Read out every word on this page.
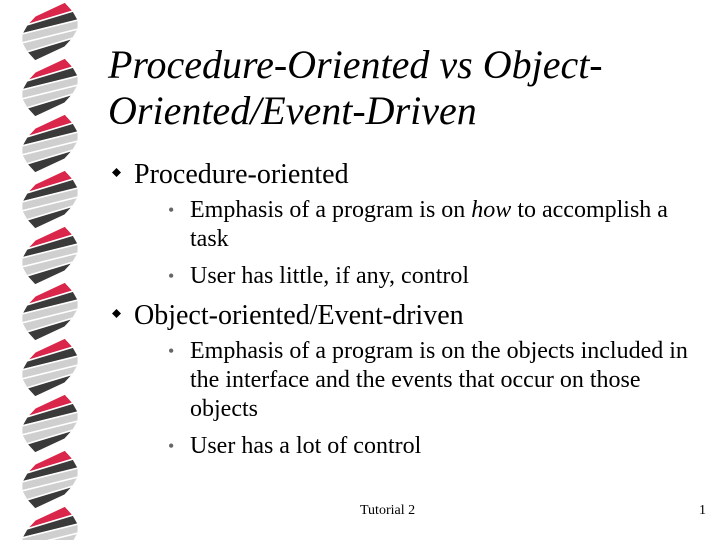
Procedure-Oriented vs Object-Oriented/Event-Driven
Procedure-oriented
• Emphasis of a program is on how to accomplish a task
• User has little, if any, control
Object-oriented/Event-driven
• Emphasis of a program is on the objects included in the interface and the events that occur on those objects
• User has a lot of control
Tutorial 2	1
